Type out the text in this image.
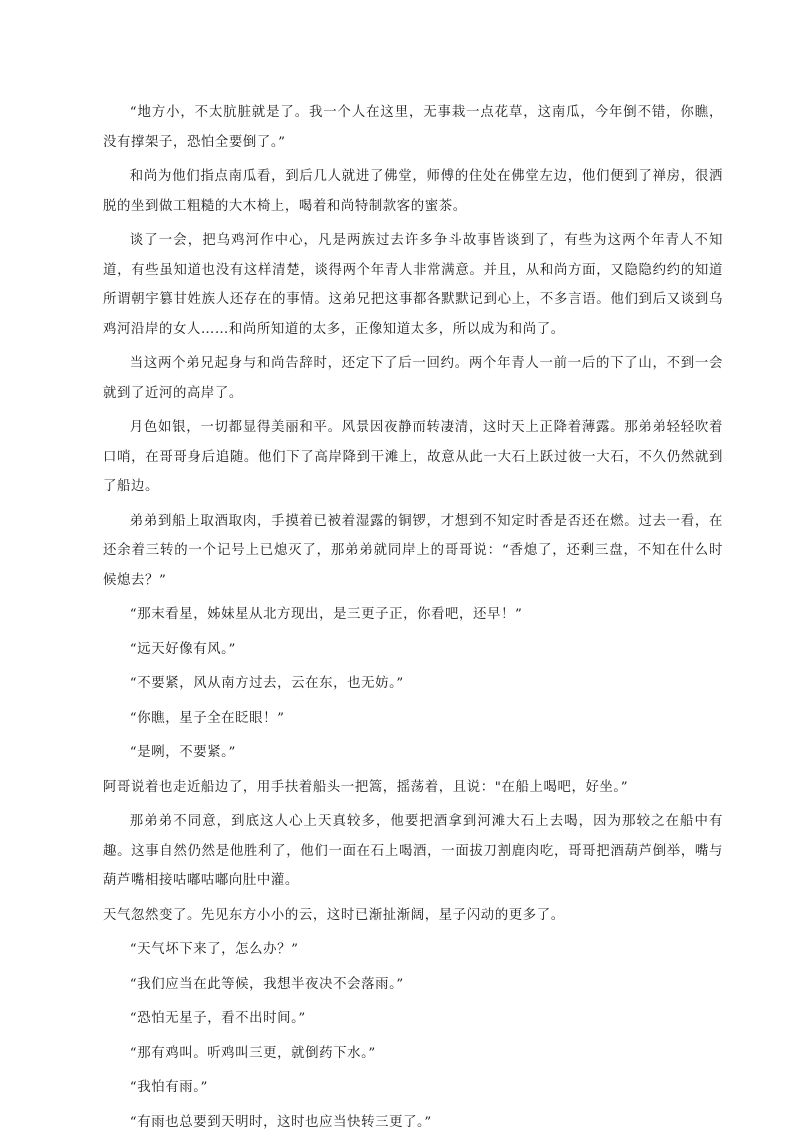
“地方小，不太肮脏就是了。我一个人在这里，无事栽一点花草，这南瓜，今年倒不错，你瞧，没有撑架子，恐怕全要倒了。”

和尚为他们指点南瓜看，到后几人就进了佛堂，师傅的住处在佛堂左边，他们便到了禅房，很洒脱的坐到做工粗糙的大木椅上，喝着和尚特制款客的蜜茶。

谈了一会，把乌鸡河作中心，凡是两族过去许多争斗故事皆谈到了，有些为这两个年青人不知道，有些虽知道也没有这样清楚，谈得两个年青人非常满意。并且，从和尚方面，又隐隐约约的知道所谓朝宇篡甘姓族人还存在的事情。这弟兄把这事都各默默记到心上，不多言语。他们到后又谈到乌鸡河沿岸的女人……和尚所知道的太多，正像知道太多，所以成为和尚了。

当这两个弟兄起身与和尚告辞时，还定下了后一回约。两个年青人一前一后的下了山，不到一会就到了近河的高岸了。

月色如银，一切都显得美丽和平。风景因夜静而转凄清，这时天上正降着薄露。那弟弟轻轻吹着口哨，在哥哥身后追随。他们下了高岸降到干滩上，故意从此一大石上跃过彼一大石，不久仍然就到了船边。

弟弟到船上取酒取肉，手摸着已被着湿露的铜锣，才想到不知定时香是否还在燃。过去一看，在还余着三转的一个记号上已熄灭了，那弟弟就同岸上的哥哥说：“香熄了，还剩三盘，不知在什么时候熄去？”

“那末看星，姊妹星从北方现出，是三更子正，你看吧，还早！”

“远天好像有风。”

“不要紧，风从南方过去，云在东，也无妨。”

“你瞧，星子全在眨眼！”

“是咧，不要紧。”

阿哥说着也走近船边了，用手扶着船头一把篙，摇荡着，且说："在船上喝吧，好坐。”

那弟弟不同意，到底这人心上天真较多，他要把酒拿到河滩大石上去喝，因为那较之在船中有趣。这事自然仍然是他胜利了，他们一面在石上喝酒，一面拔刀割鹿肉吃，哥哥把酒葫芦倒举，嘴与葫芦嘴相接咕嘟咕嘟向肚中灌。

天气忽然变了。先见东方小小的云，这时已渐扯渐阔，星子闪动的更多了。

“天气坏下来了，怎么办？”

“我们应当在此等候，我想半夜决不会落雨。”

“恐怕无星子，看不出时间。”

“那有鸡叫。听鸡叫三更，就倒药下水。”

“我怕有雨。”

“有雨也总要到天明时，这时也应当快转三更了。”
